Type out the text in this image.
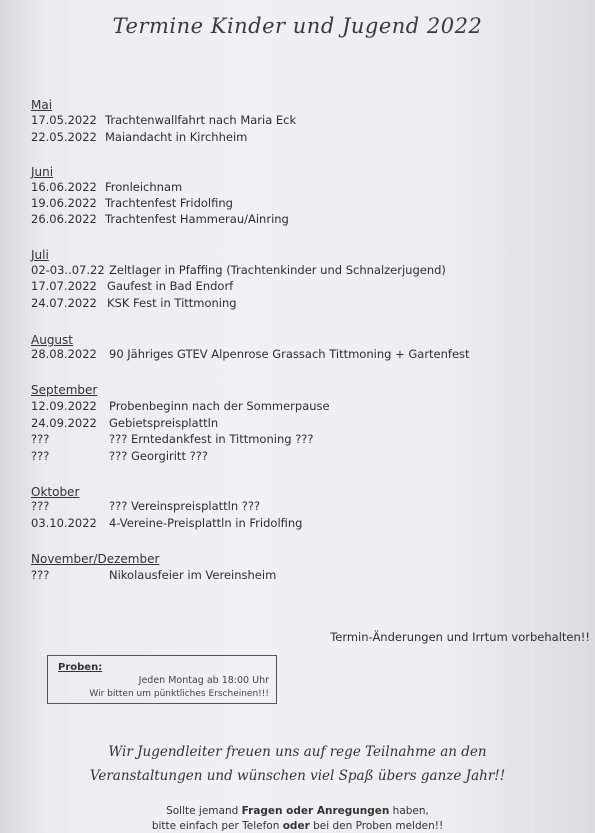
Termine Kinder und Jugend 2022
Mai
17.05.2022 Trachtenwallfahrt nach Maria Eck
22.05.2022 Maiandacht in Kirchheim
Juni
16.06.2022 Fronleichnam
19.06.2022 Trachtenfest Fridolfing
26.06.2022 Trachtenfest Hammerau/Ainring
Juli
02-03..07.22 Zeltlager in Pfaffing (Trachtenkinder und Schnalzerjugend)
17.07.2022 Gaufest in Bad Endorf
24.07.2022 KSK Fest in Tittmoning
August
28.08.2022 90 Jähriges GTEV Alpenrose Grassach Tittmoning + Gartenfest
September
12.09.2022 Probenbeginn nach der Sommerpause
24.09.2022 Gebietspreisplattln
???	??? Erntedankfest in Tittmoning ???
???	??? Georgiritt ???
Oktober
???	??? Vereinspreisplattln ???
03.10.2022 4-Vereine-Preisplattln in Fridolfing
November/Dezember
???	Nikolausfeier im Vereinsheim
Termin-Änderungen und Irrtum vorbehalten!!
Proben:
Jeden Montag ab 18:00 Uhr
Wir bitten um pünktliches Erscheinen!!!
Wir Jugendleiter freuen uns auf rege Teilnahme an den
Veranstaltungen und wünschen viel Spaß übers ganze Jahr!!
Sollte jemand Fragen oder Anregungen haben,
bitte einfach per Telefon oder bei den Proben melden!!
